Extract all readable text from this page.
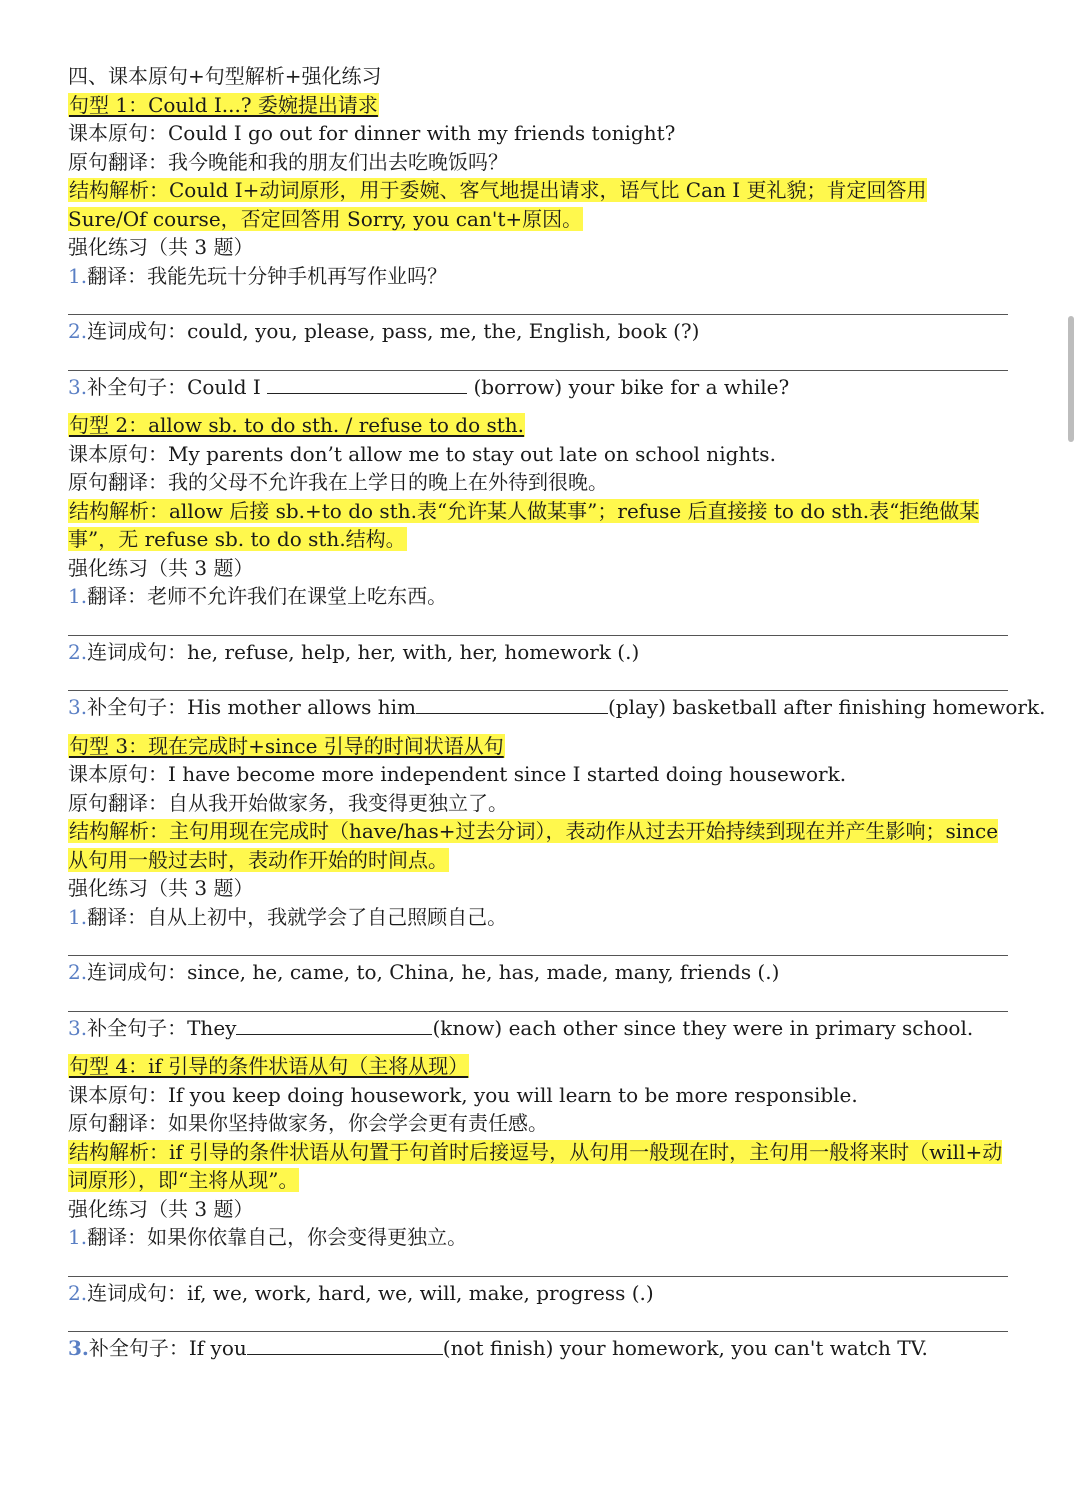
四、课本原句+句型解析+强化练习
句型 1：Could I...? 委婉提出请求
课本原句：Could I go out for dinner with my friends tonight?
原句翻译：我今晚能和我的朋友们出去吃晚饭吗？
结构解析：Could I+动词原形，用于委婉、客气地提出请求，语气比 Can I 更礼貌；肯定回答用 Sure/Of course，否定回答用 Sorry, you can't+原因。
强化练习（共 3 题）
1.翻译：我能先玩十分钟手机再写作业吗？
2.连词成句：could, you, please, pass, me, the, English, book (?)
3.补全句子：Could I	(borrow) your bike for a while?
句型 2：allow sb. to do sth. / refuse to do sth.
课本原句：My parents don’t allow me to stay out late on school nights.
原句翻译：我的父母不允许我在上学日的晚上在外待到很晚。
结构解析：allow 后接 sb.+to do sth.表“允许某人做某事”；refuse 后直接接 to do sth.表“拒绝做某事”，无 refuse sb. to do sth.结构。
强化练习（共 3 题）
1.翻译：老师不允许我们在课堂上吃东西。
2.连词成句：he, refuse, help, her, with, her, homework (.)
3.补全句子：His mother allows him	(play) basketball after finishing homework.
句型 3：现在完成时+since 引导的时间状语从句
课本原句：I have become more independent since I started doing housework.
原句翻译：自从我开始做家务，我变得更独立了。
结构解析：主句用现在完成时（have/has+过去分词），表动作从过去开始持续到现在并产生影响；since 从句用一般过去时，表动作开始的时间点。
强化练习（共 3 题）
1.翻译：自从上初中，我就学会了自己照顾自己。
2.连词成句：since, he, came, to, China, he, has, made, many, friends (.)
3.补全句子：They	(know) each other since they were in primary school.
句型 4：if 引导的条件状语从句（主将从现）
课本原句：If you keep doing housework, you will learn to be more responsible.
原句翻译：如果你坚持做家务，你会学会更有责任感。
结构解析：if 引导的条件状语从句置于句首时后接逗号，从句用一般现在时，主句用一般将来时（will+动词原形），即“主将从现”。
强化练习（共 3 题）
1.翻译：如果你依靠自己，你会变得更独立。
2.连词成句：if, we, work, hard, we, will, make, progress (.)
3.补全句子：If you	(not finish) your homework, you can't watch TV.
